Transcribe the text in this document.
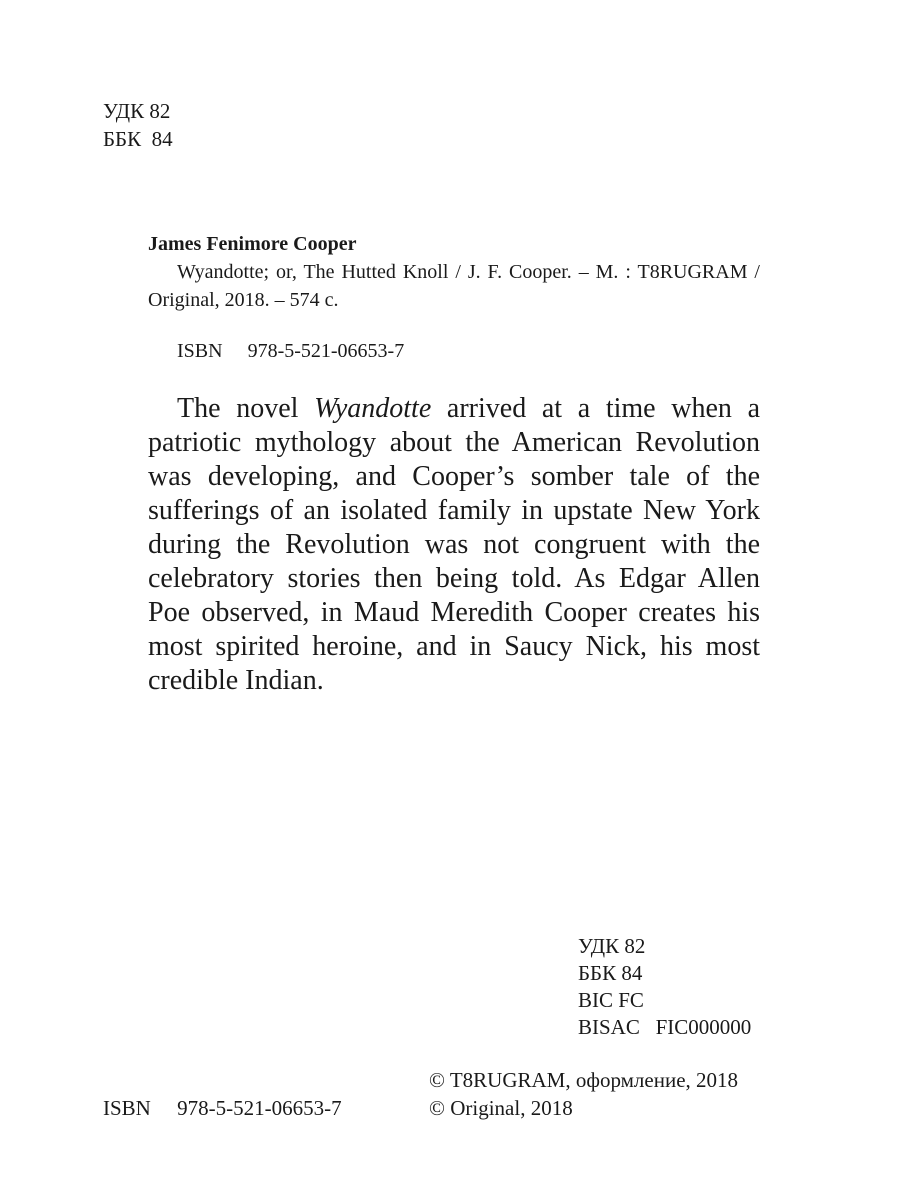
УДК 82
ББК  84
James Fenimore Cooper

Wyandotte; or, The Hutted Knoll / J. F. Cooper. – M. : T8RUGRAM / Original, 2018. – 574 c.

ISBN     978-5-521-06653-7

The novel Wyandotte arrived at a time when a patriotic mythology about the American Revolution was developing, and Cooper’s somber tale of the sufferings of an isolated family in upstate New York during the Revolution was not congruent with the celebratory stories then being told. As Edgar Allen Poe observed, in Maud Meredith Cooper creates his most spirited heroine, and in Saucy Nick, his most credible Indian.

УДК 82
ББК 84
BIC FC
BISAC   FIC000000
ISBN     978-5-521-06653-7
© T8RUGRAM, оформление, 2018
© Original, 2018
